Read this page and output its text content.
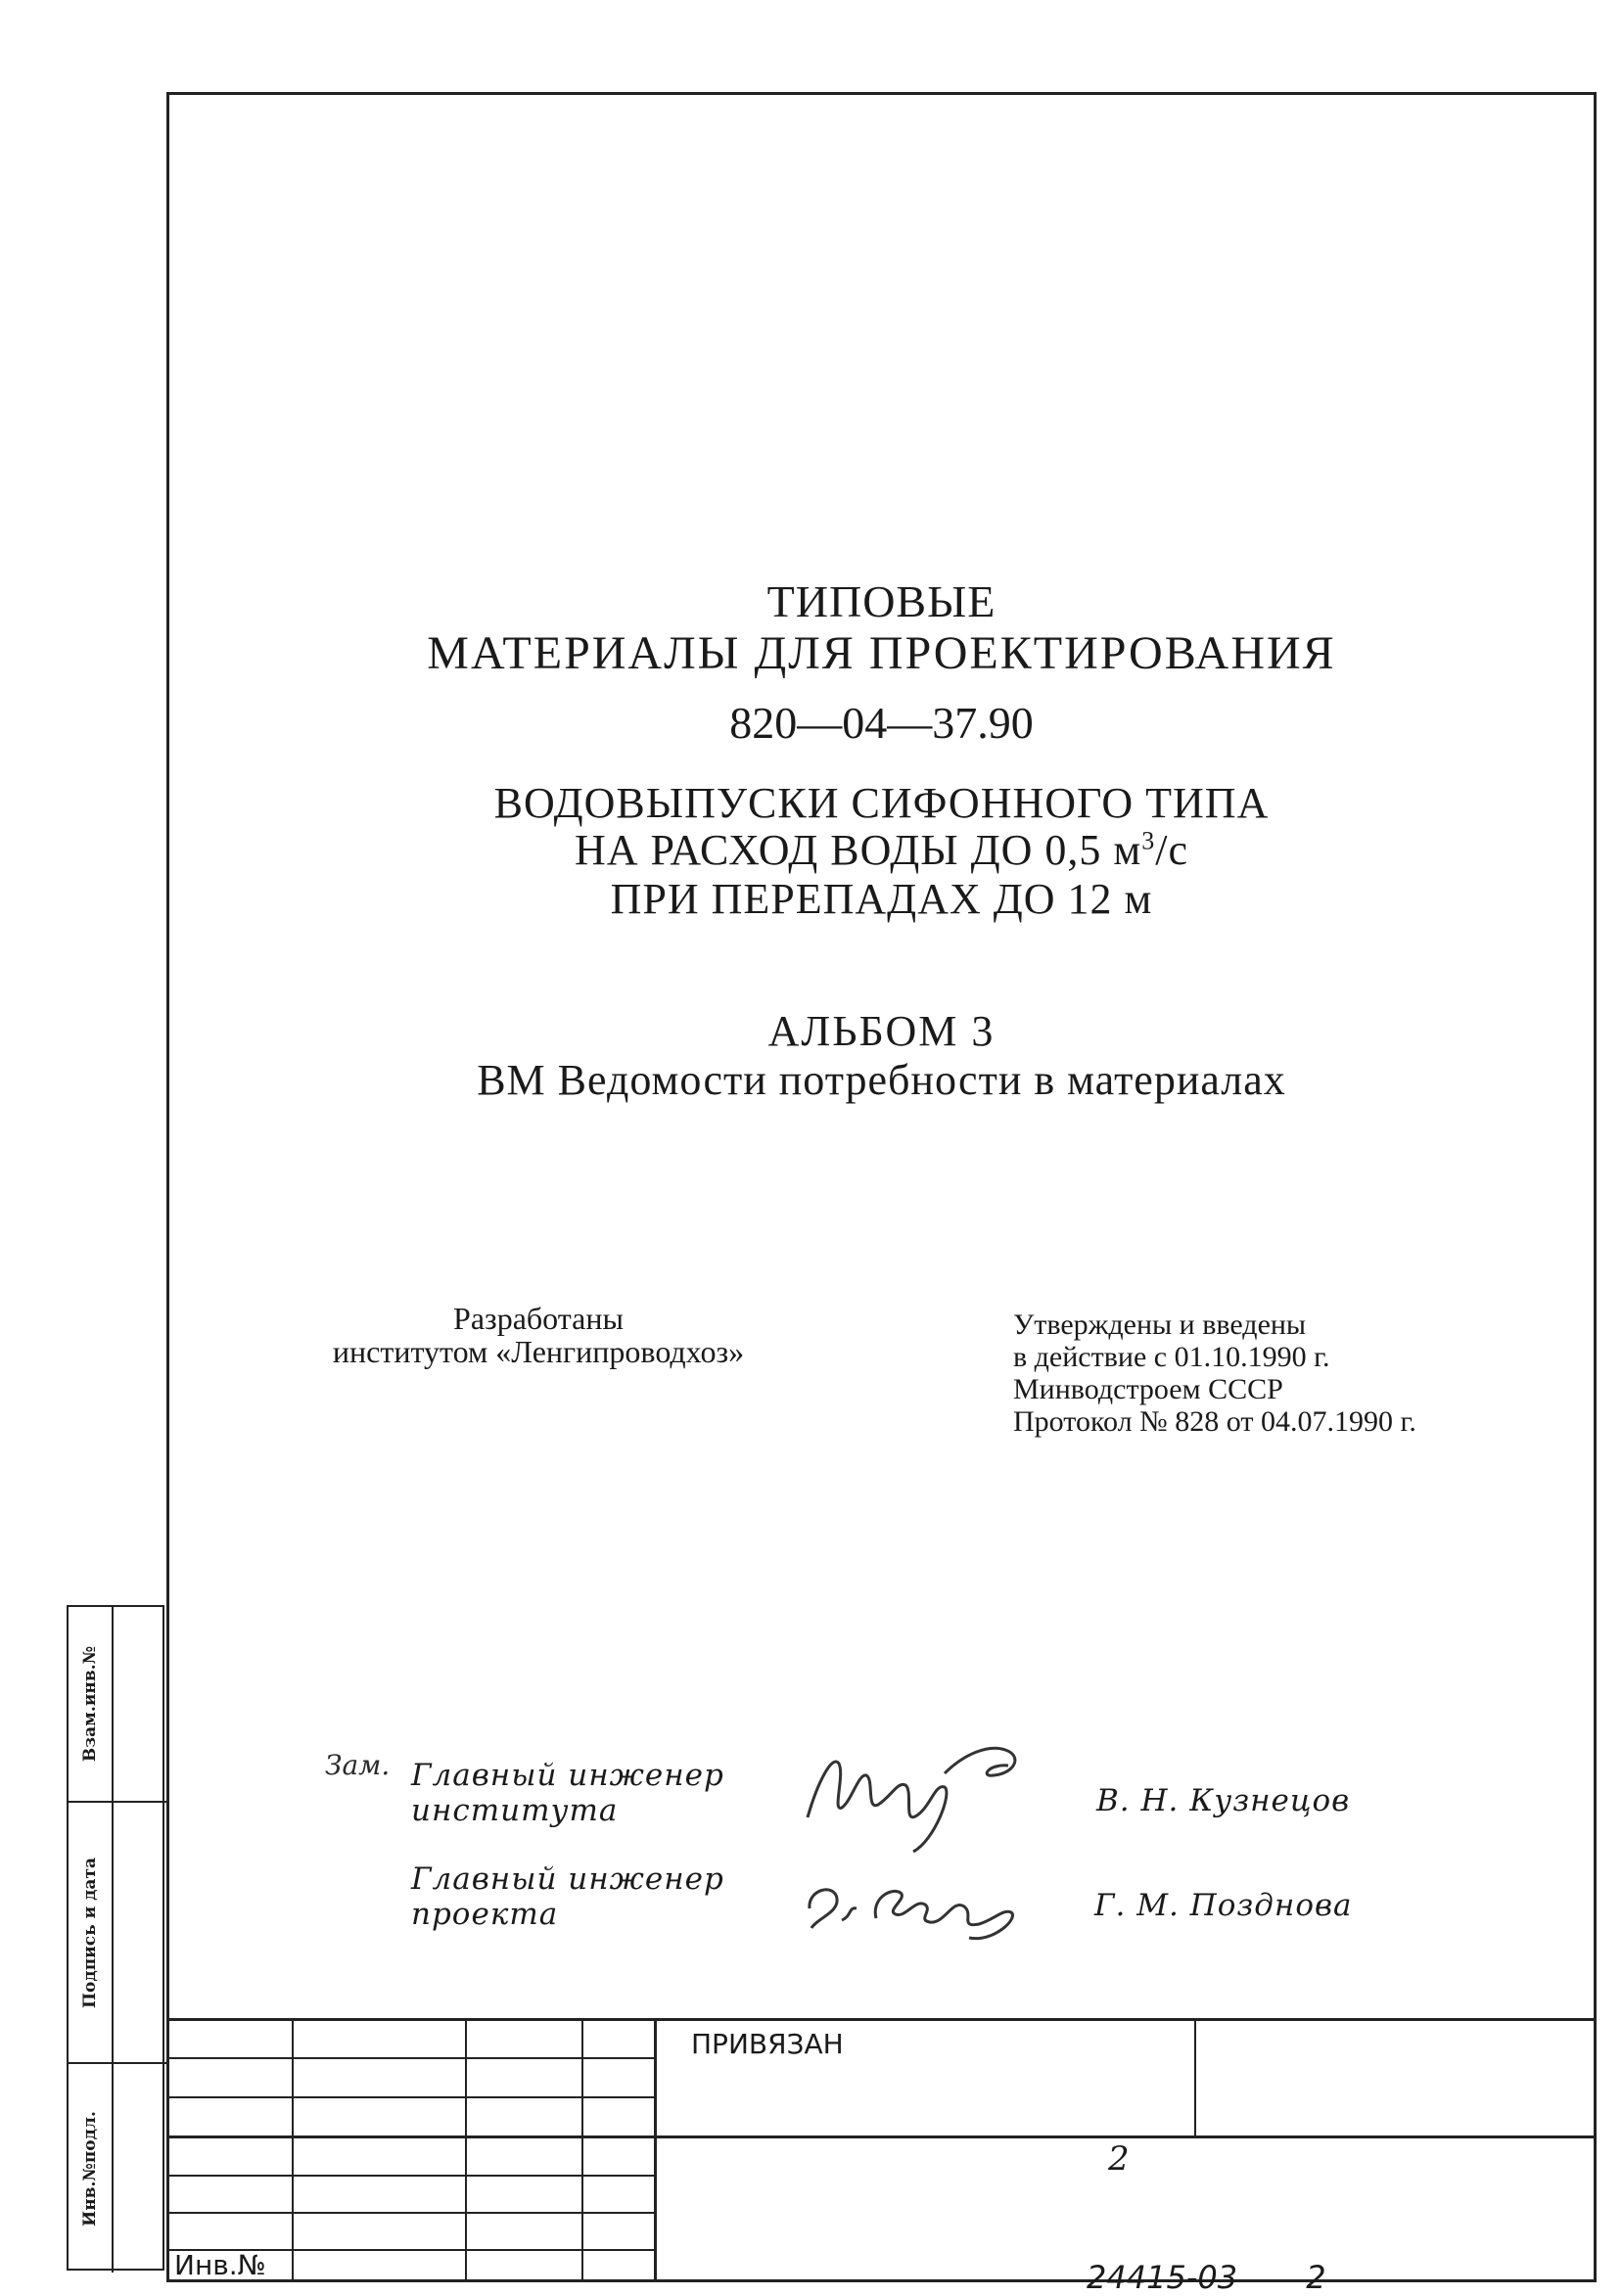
ТИПОВЫЕ
МАТЕРИАЛЫ ДЛЯ ПРОЕКТИРОВАНИЯ
820—04—37.90
ВОДОВЫПУСКИ СИФОННОГО ТИПА
НА РАСХОД ВОДЫ ДО 0,5 $м^3/с$
ПРИ ПЕРЕПАДАХ ДО 12 м
АЛЬБОМ 3
ВМ Ведомости потребности в материалах
Разработаны
институтом «Ленгипроводхоз»
Утверждены и введены
в действие с 01.10.1990 г.
Минводстроем СССР
Протокол № 828 от 04.07.1990 г.
Зам. Главный инженер
института	В. Н. Кузнецов
Главный инженер
проекта	Г. М. Позднова
ПРИВЯЗАН
Инв.№
2
Взам.инв.№
Подпись и дата
Инв.№подл.
24415-03 2
